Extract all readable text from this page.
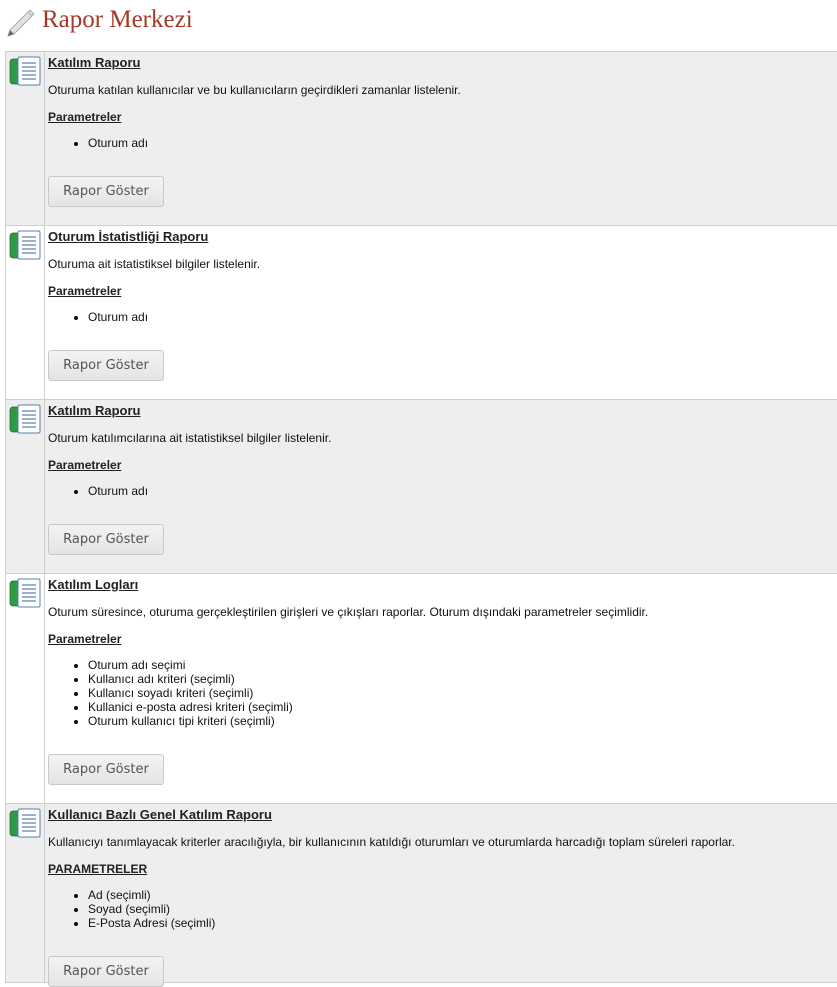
Rapor Merkezi
Katılım Raporu

Oturuma katılan kullanıcılar ve bu kullanıcıların geçirdikleri zamanlar listelenir.

Parametreler
• Oturum adı
Rapor Göster
Oturum İstatistliği Raporu

Oturuma ait istatistiksel bilgiler listelenir.

Parametreler
• Oturum adı
Rapor Göster
Katılım Raporu

Oturum katılımcılarına ait istatistiksel bilgiler listelenir.

Parametreler
• Oturum adı
Rapor Göster
Katılım Logları

Oturum süresince, oturuma gerçekleştirilen girişleri ve çıkışları raporlar. Oturum dışındaki parametreler seçimlidir.

Parametreler
• Oturum adı seçimi
• Kullanıcı adı kriteri (seçimli)
• Kullanıcı soyadı kriteri (seçimli)
• Kullanici e-posta adresi kriteri (seçimli)
• Oturum kullanıcı tipi kriteri (seçimli)
Rapor Göster
Kullanıcı Bazlı Genel Katılım Raporu

Kullanıcıyı tanımlayacak kriterler aracılığıyla, bir kullanıcının katıldığı oturumları ve oturumlarda harcadığı toplam süreleri raporlar.

PARAMETRELER
• Ad (seçimli)
• Soyad (seçimli)
• E-Posta Adresi (seçimli)
Rapor Göster
